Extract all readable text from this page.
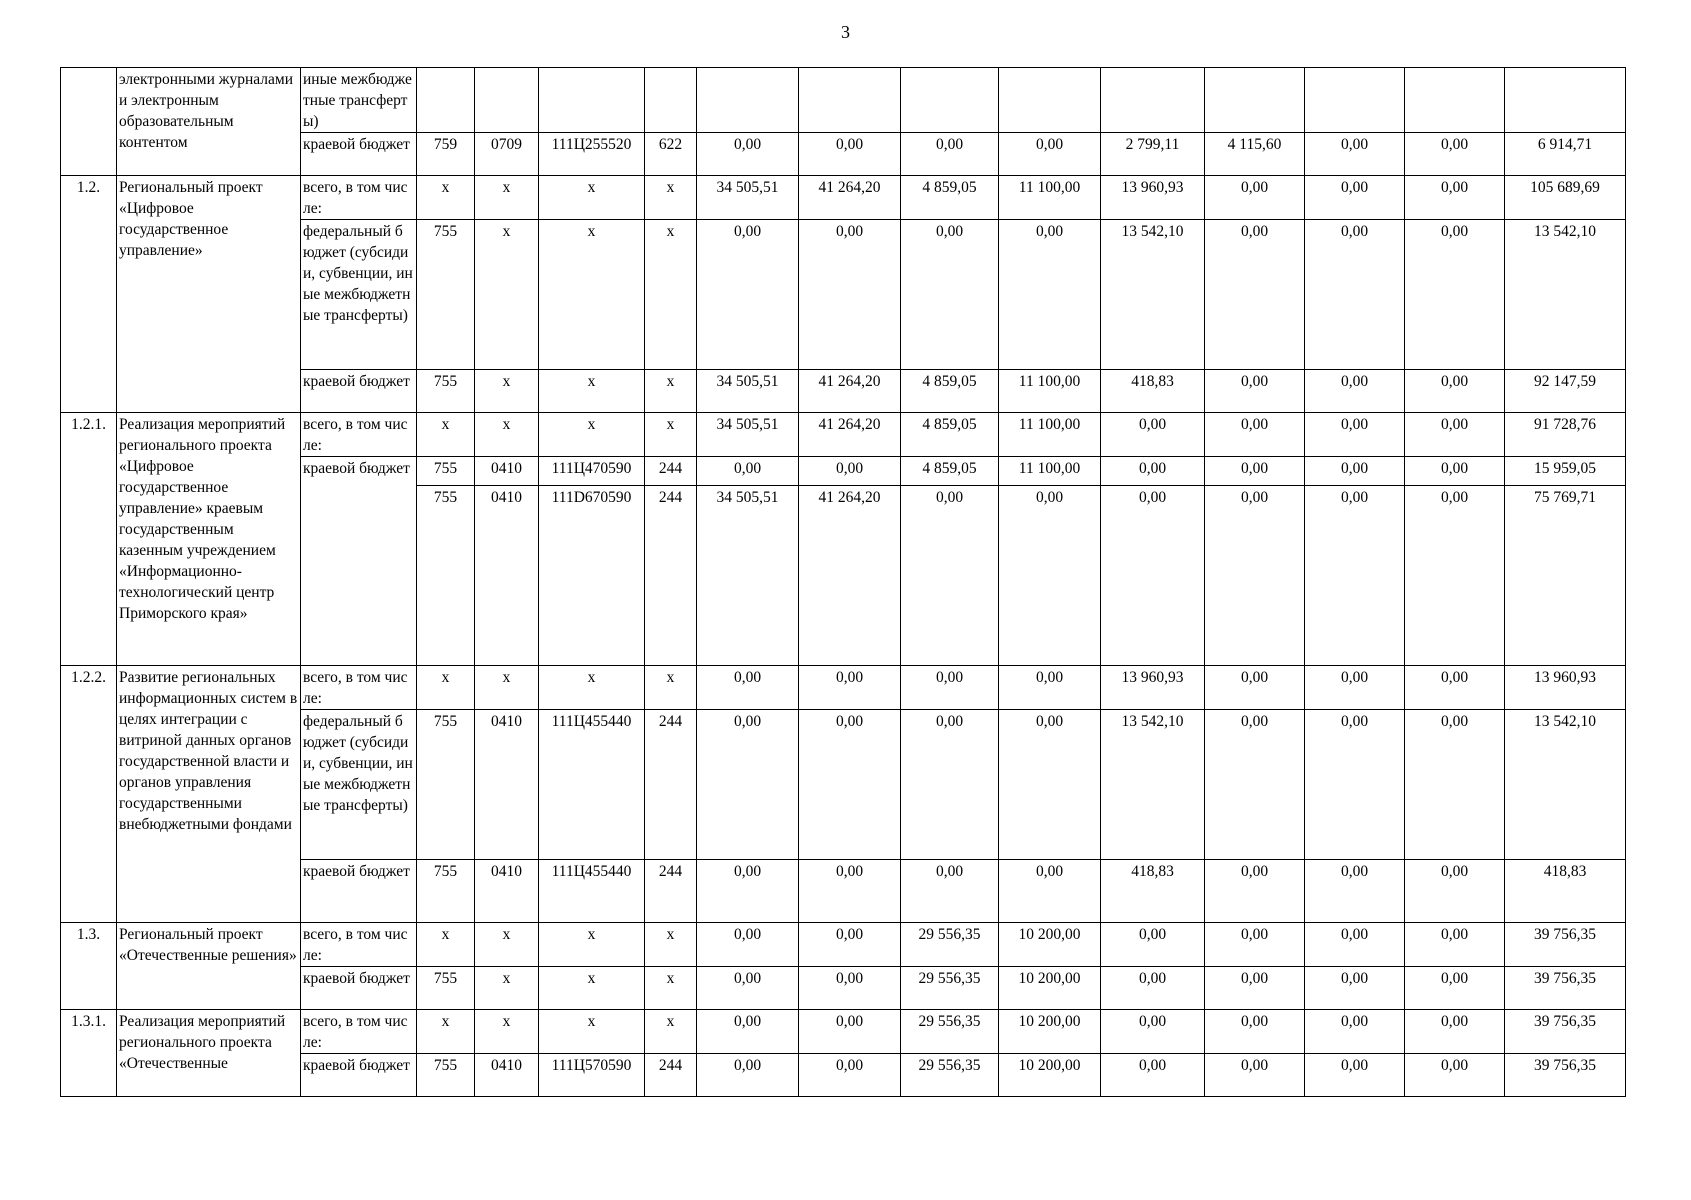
3
	электронными журналами и электронным образовательным контентом	иные межбюджетные трансферты)													
		краевой бюджет	759	0709	111Ц255520	622	0,00	0,00	0,00	0,00	2 799,11	4 115,60	0,00	0,00	6 914,71
1.2.	Региональный проект «Цифровое государственное управление»	всего, в том числе:	x	x	x	x	34 505,51	41 264,20	4 859,05	11 100,00	13 960,93	0,00	0,00	0,00	105 689,69
		федеральный бюджет (субсидии, субвенции, иные межбюджетные трансферты)	755	x	x	x	0,00	0,00	0,00	0,00	13 542,10	0,00	0,00	0,00	13 542,10
		краевой бюджет	755	x	x	x	34 505,51	41 264,20	4 859,05	11 100,00	418,83	0,00	0,00	0,00	92 147,59
1.2.1.	Реализация мероприятий регионального проекта «Цифровое государственное управление» краевым государственным казенным учреждением «Информационно-технологический центр Приморского края»	всего, в том числе:	x	x	x	x	34 505,51	41 264,20	4 859,05	11 100,00	0,00	0,00	0,00	0,00	91 728,76
		краевой бюджет	755	0410	111Ц470590	244	0,00	0,00	4 859,05	11 100,00	0,00	0,00	0,00	0,00	15 959,05
			755	0410	111D670590	244	34 505,51	41 264,20	0,00	0,00	0,00	0,00	0,00	0,00	75 769,71
1.2.2.	Развитие региональных информационных систем в целях интеграции с витриной данных органов государственной власти и органов управления государственными внебюджетными фондами	всего, в том числе:	x	x	x	x	0,00	0,00	0,00	0,00	13 960,93	0,00	0,00	0,00	13 960,93
		федеральный бюджет (субсидии, субвенции, иные межбюджетные трансферты)	755	0410	111Ц455440	244	0,00	0,00	0,00	0,00	13 542,10	0,00	0,00	0,00	13 542,10
		краевой бюджет	755	0410	111Ц455440	244	0,00	0,00	0,00	0,00	418,83	0,00	0,00	0,00	418,83
1.3.	Региональный проект «Отечественные решения»	всего, в том числе:	x	x	x	x	0,00	0,00	29 556,35	10 200,00	0,00	0,00	0,00	0,00	39 756,35
		краевой бюджет	755	x	x	x	0,00	0,00	29 556,35	10 200,00	0,00	0,00	0,00	0,00	39 756,35
1.3.1.	Реализация мероприятий регионального проекта «Отечественные	всего, в том числе:	x	x	x	x	0,00	0,00	29 556,35	10 200,00	0,00	0,00	0,00	0,00	39 756,35
		краевой бюджет	755	0410	111Ц570590	244	0,00	0,00	29 556,35	10 200,00	0,00	0,00	0,00	0,00	39 756,35
